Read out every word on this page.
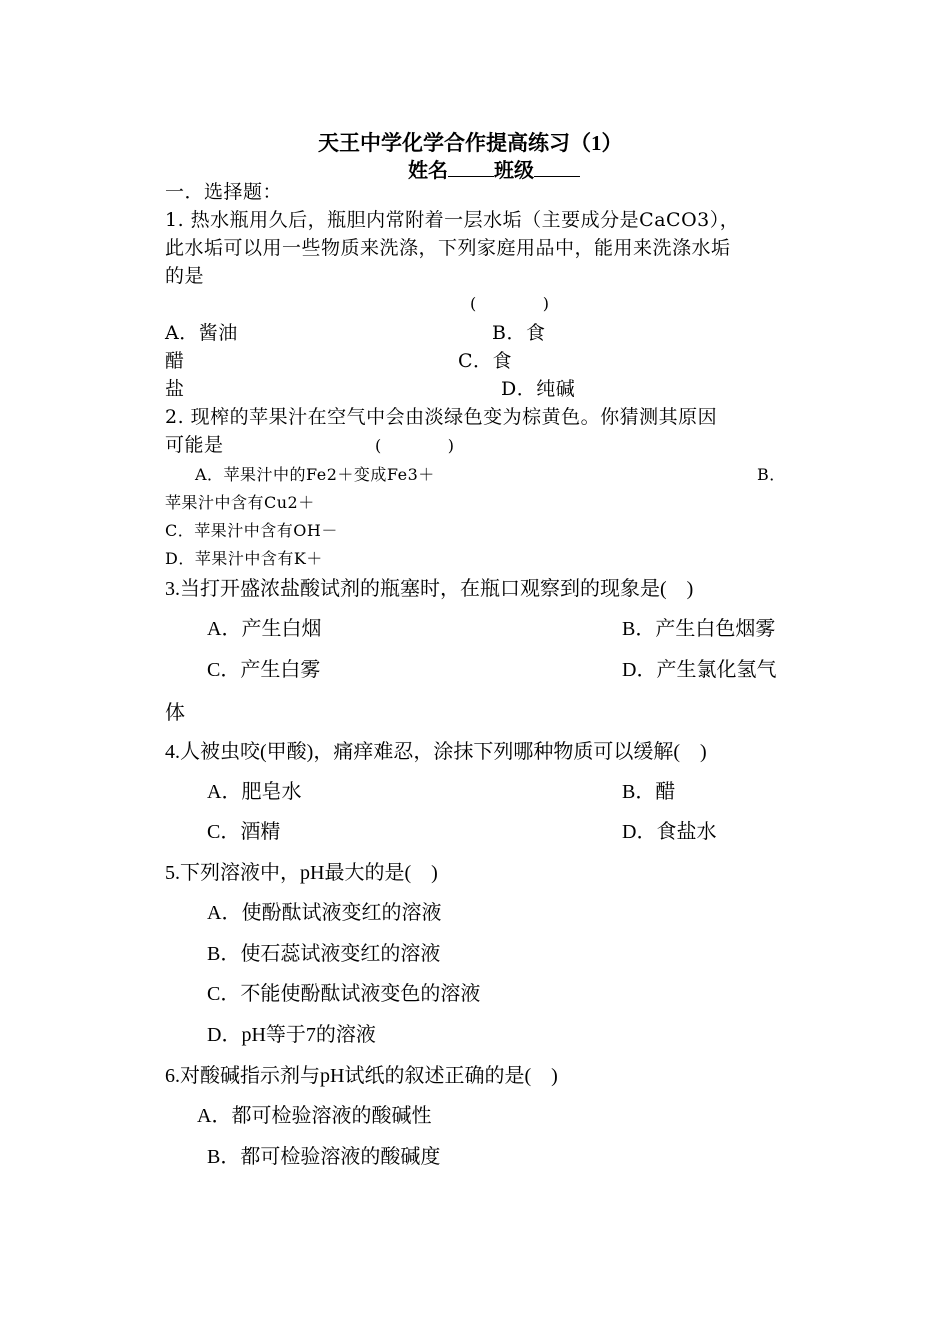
天王中学化学合作提高练习（1）
姓名 班级
一．选择题：
1. 热水瓶用久后，瓶胆内常附着一层水垢（主要成分是CaCO3），
此水垢可以用一些物质来洗涤，下列家庭用品中，能用来洗涤水垢
的是
(　　　　)
A．酱油	B．食
醋	C．食
盐	D．纯碱
2. 现榨的苹果汁在空气中会由淡绿色变为棕黄色。你猜测其原因
可能是	(　　　　)
A．苹果汁中的Fe2＋变成Fe3＋	B．
苹果汁中含有Cu2＋
C．苹果汁中含有OH－
D．苹果汁中含有K＋
3.当打开盛浓盐酸试剂的瓶塞时，在瓶口观察到的现象是(　)
A．产生白烟	B．产生白色烟雾
C．产生白雾	D．产生氯化氢气
体
4.人被虫咬(甲酸)，痛痒难忍，涂抹下列哪种物质可以缓解(　)
A．肥皂水	B．醋
C．酒精	D．食盐水
5.下列溶液中，pH最大的是(　)
A．使酚酞试液变红的溶液
B．使石蕊试液变红的溶液
C．不能使酚酞试液变色的溶液
D．pH等于7的溶液
6.对酸碱指示剂与pH试纸的叙述正确的是(　)
A．都可检验溶液的酸碱性
B．都可检验溶液的酸碱度
